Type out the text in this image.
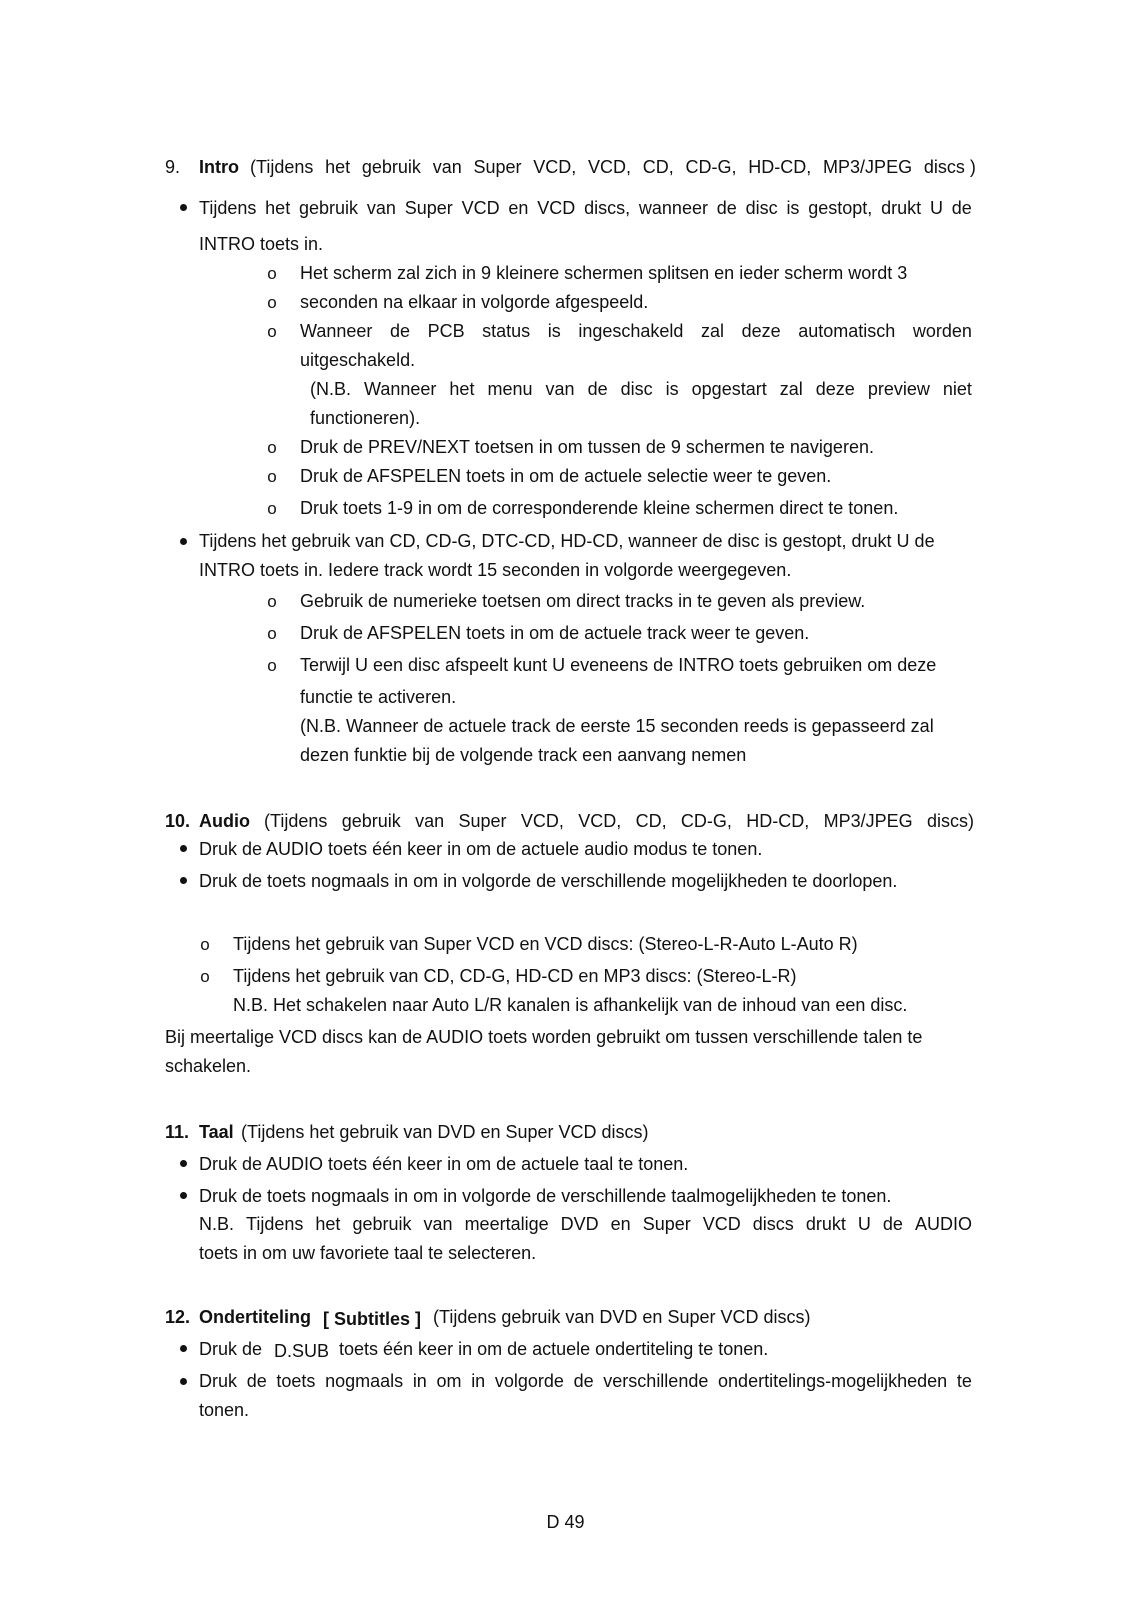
9. Intro (Tijdens het gebruik van Super VCD, VCD, CD, CD-G, HD-CD, MP3/JPEG discs )
Tijdens het gebruik van Super VCD en VCD discs, wanneer de disc is gestopt, drukt U de
INTRO toets in.
o Het scherm zal zich in 9 kleinere schermen splitsen en ieder scherm wordt 3
o seconden na elkaar in volgorde afgespeeld.
o Wanneer de PCB status is ingeschakeld zal deze automatisch worden
uitgeschakeld.
(N.B. Wanneer het menu van de disc is opgestart zal deze preview niet
functioneren).
o Druk de PREV/NEXT toetsen in om tussen de 9 schermen te navigeren.
o Druk de AFSPELEN toets in om de actuele selectie weer te geven.
o Druk toets 1-9 in om de corresponderende kleine schermen direct te tonen.
Tijdens het gebruik van CD, CD-G, DTC-CD, HD-CD, wanneer de disc is gestopt, drukt U de
INTRO toets in. Iedere track wordt 15 seconden in volgorde weergegeven.
o Gebruik de numerieke toetsen om direct tracks in te geven als preview.
o Druk de AFSPELEN toets in om de actuele track weer te geven.
o Terwijl U een disc afspeelt kunt U eveneens de INTRO toets gebruiken om deze
functie te activeren.
(N.B. Wanneer de actuele track de eerste 15 seconden reeds is gepasseerd zal
dezen funktie bij de volgende track een aanvang nemen
10. Audio (Tijdens gebruik van Super VCD, VCD, CD, CD-G, HD-CD, MP3/JPEG discs)
Druk de AUDIO toets één keer in om de actuele audio modus te tonen.
Druk de toets nogmaals in om in volgorde de verschillende mogelijkheden te doorlopen.
o Tijdens het gebruik van Super VCD en VCD discs: (Stereo-L-R-Auto L-Auto R)
o Tijdens het gebruik van CD, CD-G, HD-CD en MP3 discs: (Stereo-L-R)
N.B. Het schakelen naar Auto L/R kanalen is afhankelijk van de inhoud van een disc.
Bij meertalige VCD discs kan de AUDIO toets worden gebruikt om tussen verschillende talen te
schakelen.
11. Taal (Tijdens het gebruik van DVD en Super VCD discs)
Druk de AUDIO toets één keer in om de actuele taal te tonen.
Druk de toets nogmaals in om in volgorde de verschillende taalmogelijkheden te tonen.
N.B. Tijdens het gebruik van meertalige DVD en Super VCD discs drukt U de AUDIO
toets in om uw favoriete taal te selecteren.
12. Ondertiteling [ Subtitles ] (Tijdens gebruik van DVD en Super VCD discs)
Druk de D.SUB toets één keer in om de actuele ondertiteling te tonen.
Druk de toets nogmaals in om in volgorde de verschillende ondertitelings-mogelijkheden te
tonen.
D 49
